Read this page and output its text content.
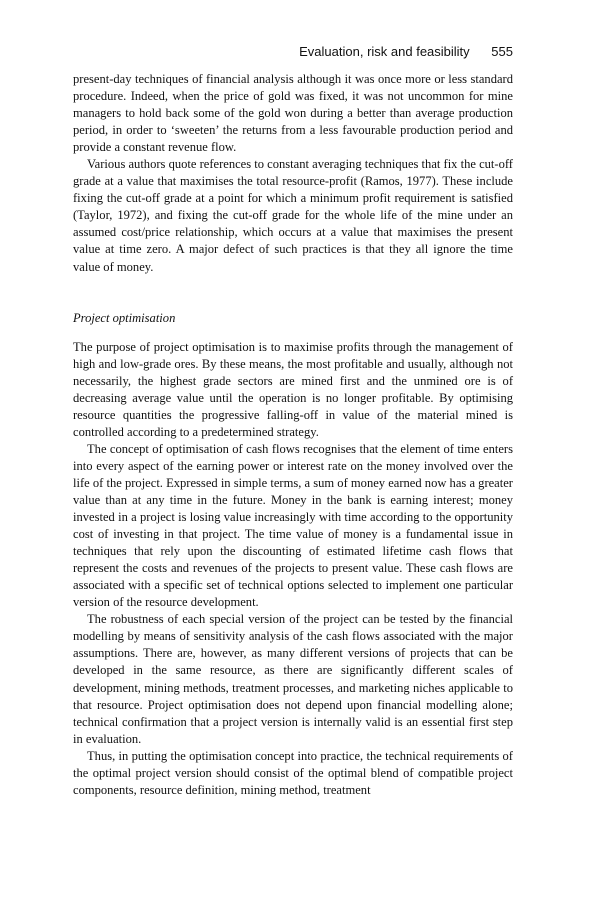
Evaluation, risk and feasibility 555

present-day techniques of financial analysis although it was once more or less standard procedure. Indeed, when the price of gold was fixed, it was not uncommon for mine managers to hold back some of the gold won during a better than average production period, in order to ‘sweeten’ the returns from a less favourable production period and provide a constant revenue flow.

Various authors quote references to constant averaging techniques that fix the cut-off grade at a value that maximises the total resource-profit (Ramos, 1977). These include fixing the cut-off grade at a point for which a minimum profit requirement is satisfied (Taylor, 1972), and fixing the cut-off grade for the whole life of the mine under an assumed cost/price relationship, which occurs at a value that maximises the present value at time zero. A major defect of such practices is that they all ignore the time value of money.

Project optimisation

The purpose of project optimisation is to maximise profits through the management of high and low-grade ores. By these means, the most profitable and usually, although not necessarily, the highest grade sectors are mined first and the unmined ore is of decreasing average value until the operation is no longer profitable. By optimising resource quantities the progressive falling-off in value of the material mined is controlled according to a predetermined strategy.

The concept of optimisation of cash flows recognises that the element of time enters into every aspect of the earning power or interest rate on the money involved over the life of the project. Expressed in simple terms, a sum of money earned now has a greater value than at any time in the future. Money in the bank is earning interest; money invested in a project is losing value increasingly with time according to the opportunity cost of investing in that project. The time value of money is a fundamental issue in techniques that rely upon the discounting of estimated lifetime cash flows that represent the costs and revenues of the projects to present value. These cash flows are associated with a specific set of technical options selected to implement one particular version of the resource development.

The robustness of each special version of the project can be tested by the financial modelling by means of sensitivity analysis of the cash flows associated with the major assumptions. There are, however, as many different versions of projects that can be developed in the same resource, as there are significantly different scales of development, mining methods, treatment processes, and marketing niches applicable to that resource. Project optimisation does not depend upon financial modelling alone; technical confirmation that a project version is internally valid is an essential first step in evaluation.

Thus, in putting the optimisation concept into practice, the technical requirements of the optimal project version should consist of the optimal blend of compatible project components, resource definition, mining method, treatment
